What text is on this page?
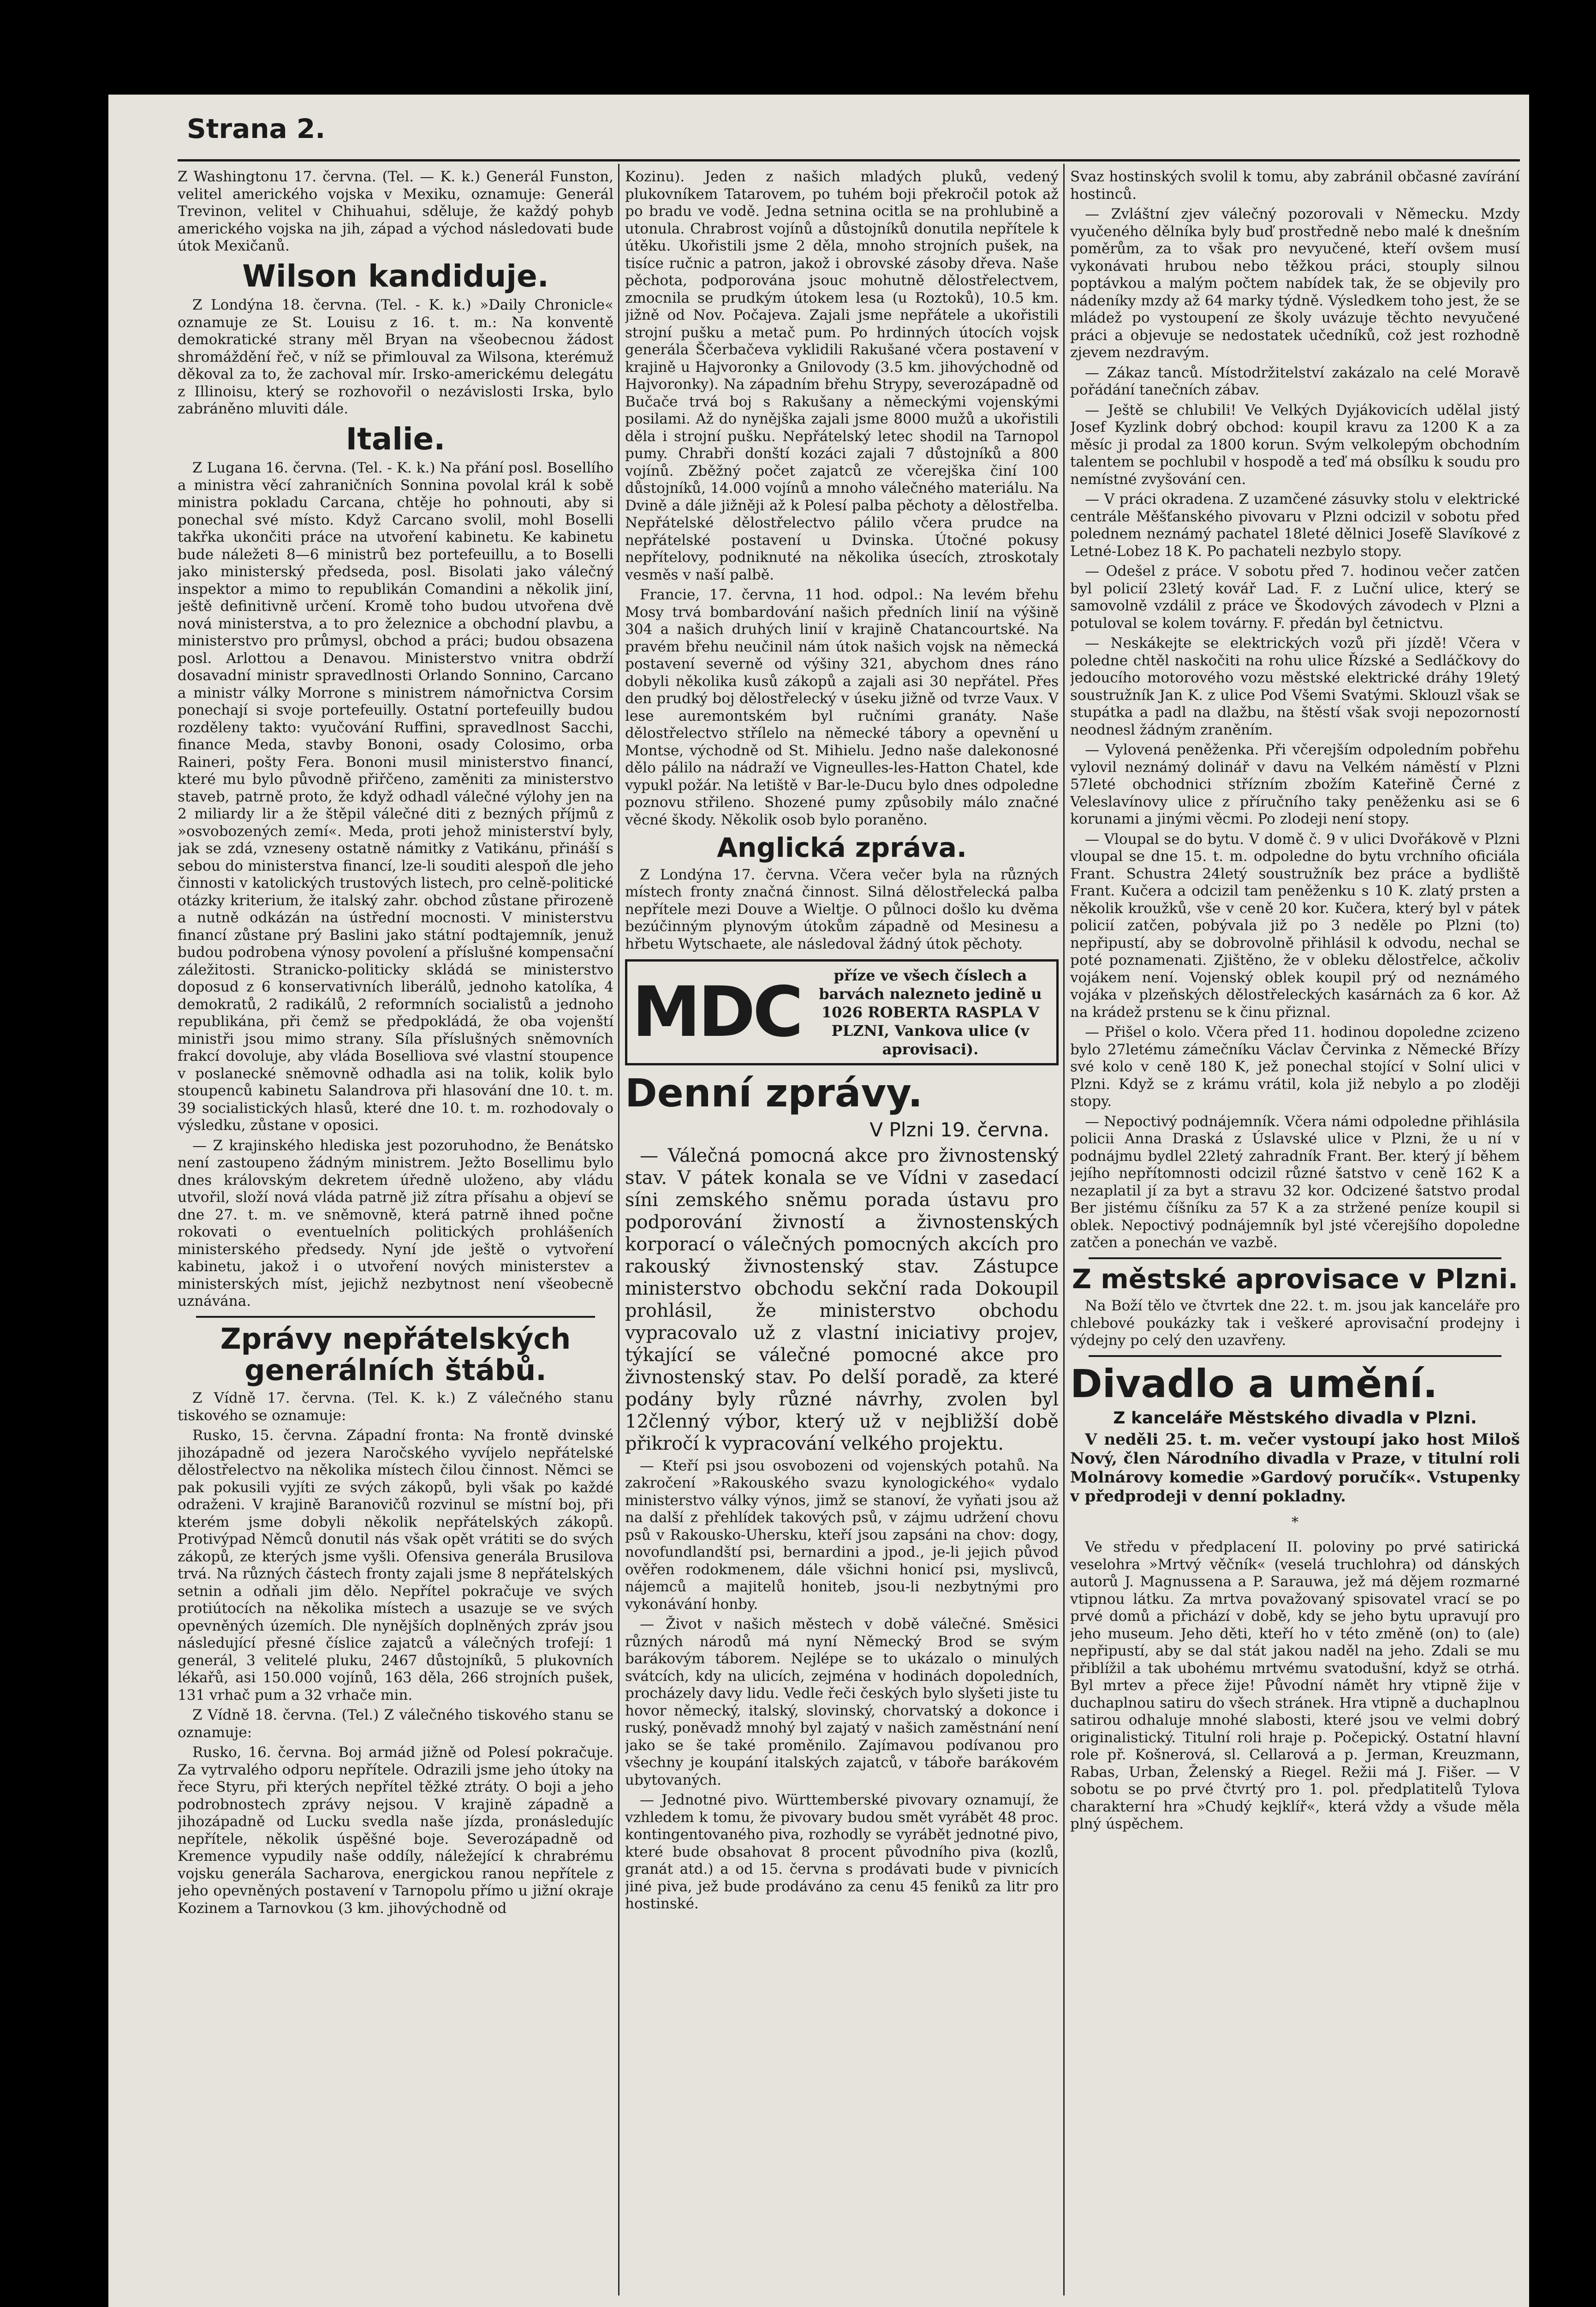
Strana 2.

Z Washingtonu 17. června. (Tel. — K. k.) Generál Funston, velitel amerického vojska v Mexiku, oznamuje: Generál Trevinon, velitel v Chihuahui, sděluje, že každý pohyb amerického vojska na jih, západ a východ následovati bude útok Mexičanů.

Wilson kandiduje.

Z Londýna 18. června. (Tel. - K. k.) »Daily Chronicle« oznamuje ze St. Louisu z 16. t. m.: Na konventě demokratické strany měl Bryan na všeobecnou žádost shromáždění řeč, v níž se přimlouval za Wilsona, kterémuž děkoval za to, že zachoval mír. Irsko-americkému delegátu z Illinoisu, který se rozhovořil o nezávislosti Irska, bylo zabráněno mluviti dále.

Italie.

Z Lugana 16. června. (Tel. - K. k.) Na přání posl. Bosellího a ministra věcí zahraničních Sonnina povolal král k sobě ministra pokladu Carcana, chtěje ho pohnouti, aby si ponechal své místo. Když Carcano svolil, mohl Boselli takřka ukončiti práce na utvoření kabinetu. Ke kabinetu bude náležeti 8—6 ministrů bez portefeuillu, a to Boselli jako ministerský předseda, posl. Bisolati jako válečný inspektor a mimo to republikán Comandini a několik jiní, ještě definitivně určení. Kromě toho budou utvořena dvě nová ministerstva, a to pro železnice a obchodní plavbu, a ministerstvo pro průmysl, obchod a práci; budou obsazena posl. Arlottou a Denavou. Ministerstvo vnitra obdrží dosavadní ministr spravedlnosti Orlando Sonnino, Carcano a ministr války Morrone s ministrem námořnictva Corsim ponechají si svoje portefeuilly. Ostatní portefeuilly budou rozděleny takto: vyučování Ruffini, spravedlnost Sacchi, finance Meda, stavby Bononi, osady Colosimo, orba Raineri, pošty Fera. Bononi musil ministerstvo financí, které mu bylo původně přiřčeno, zaměniti za ministerstvo staveb, patrně proto, že když odhadl válečné výlohy jen na 2 miliardy lir a že štěpil válečné diti z bezných příjmů z »osvobozených zemí«. Meda, proti jehož ministerství byly, jak se zdá, vzneseny ostatně námitky z Vatikánu, přináší s sebou do ministerstva financí, lze-li souditi alespoň dle jeho činnosti v katolických trustových listech, pro celně-politické otázky kriterium, že italský zahr. obchod zůstane přirozeně a nutně odkázán na ústřední mocnosti. V ministerstvu financí zůstane prý Baslini jako státní podtajemník, jenuž budou podrobena výnosy povolení a příslušné kompensační záležitosti. Stranicko-politicky skládá se ministerstvo doposud z 6 konservativních liberálů, jednoho katolíka, 4 demokratů, 2 radikálů, 2 reformních socialistů a jednoho republikána, při čemž se předpokládá, že oba vojenští ministři jsou mimo strany. Síla příslušných sněmovních frakcí dovoluje, aby vláda Boselliova své vlastní stoupence v poslanecké sněmovně odhadla asi na tolik, kolik bylo stoupenců kabinetu Salandrova při hlasování dne 10. t. m. 39 socialistických hlasů, které dne 10. t. m. rozhodovaly o výsledku, zůstane v oposici.

— Z krajinského hlediska jest pozoruhodno, že Benátsko není zastoupeno žádným ministrem. Ježto Bosellimu bylo dnes královským dekretem úředně uloženo, aby vládu utvořil, složí nová vláda patrně již zítra přísahu a objeví se dne 27. t. m. ve sněmovně, která patrně ihned počne rokovati o eventuelních politických prohlášeních ministerského předsedy. Nyní jde ještě o vytvoření kabinetu, jakož i o utvoření nových ministerstev a ministerských míst, jejichž nezbytnost není všeobecně uznávána.

Zprávy nepřátelských generálních štábů.

Z Vídně 17. června. (Tel. K. k.) Z válečného stanu tiskového se oznamuje:

Rusko, 15. června. Západní fronta: Na frontě dvinské jihozápadně od jezera Naročského vyvíjelo nepřátelské dělostřelectvo na několika místech čilou činnost. Němci se pak pokusili vyjíti ze svých zákopů, byli však po každé odraženi. V krajině Baranovičů rozvinul se místní boj, při kterém jsme dobyli několik nepřátelských zákopů. Protivýpad Němců donutil nás však opět vrátiti se do svých zákopů, ze kterých jsme vyšli. Ofensiva generála Brusilova trvá. Na různých částech fronty zajali jsme 8 nepřátelských setnin a odňali jim dělo. Nepřítel pokračuje ve svých protiútocích na několika místech a usazuje se ve svých opevněných územích. Dle nynějších doplněných zpráv jsou následující přesné číslice zajatců a válečných trofejí: 1 generál, 3 velitelé pluku, 2467 důstojníků, 5 plukovních lékařů, asi 150.000 vojínů, 163 děla, 266 strojních pušek, 131 vrhač pum a 32 vrhače min.

Z Vídně 18. června. (Tel.) Z válečného tiskového stanu se oznamuje:

Rusko, 16. června. Boj armád jižně od Polesí pokračuje. Za vytrvalého odporu nepřítele. Odrazili jsme jeho útoky na řece Styru, při kterých nepřítel těžké ztráty. O boji a jeho podrobnostech zprávy nejsou. V krajině západně a jihozápadně od Lucku svedla naše jízda, pronásledujíc nepřítele, několik úspěšné boje. Severozápadně od Kremence vypudily naše oddíly, náležející k chrabrému vojsku generála Sacharova, energickou ranou nepřítele z jeho opevněných postavení v Tarnopolu přímo u jižní okraje Kozinem a Tarnovkou (3 km. jihovýchodně od

Kozinu). Jeden z našich mladých pluků, vedený plukovníkem Tatarovem, po tuhém boji překročil potok až po bradu ve vodě. Jedna setnina ocitla se na prohlubině a utonula. Chrabrost vojínů a důstojníků donutila nepřítele k útěku. Ukořistili jsme 2 děla, mnoho strojních pušek, na tisíce ručnic a patron, jakož i obrovské zásoby dřeva. Naše pěchota, podporována jsouc mohutně dělostřelectvem, zmocnila se prudkým útokem lesa (u Roztoků), 10.5 km. jižně od Nov. Počajeva. Zajali jsme nepřátele a ukořistili strojní pušku a metač pum. Po hrdinných útocích vojsk generála Ščerbačeva vyklidili Rakušané včera postavení v krajině u Hajvoronky a Gnilovody (3.5 km. jihovýchodně od Hajvoronky). Na západním břehu Strypy, severozápadně od Bučače trvá boj s Rakušany a německými vojenskými posilami. Až do nynějška zajali jsme 8000 mužů a ukořistili děla i strojní pušku. Nepřátelský letec shodil na Tarnopol pumy. Chrabři donští kozáci zajali 7 důstojníků a 800 vojínů. Zběžný počet zajatců ze včerejška činí 100 důstojníků, 14.000 vojínů a mnoho válečného materiálu. Na Dvině a dále jižněji až k Polesí palba pěchoty a dělostřelba. Nepřátelské dělostřelectvo pálilo včera prudce na nepřátelské postavení u Dvinska. Útočné pokusy nepřítelovy, podniknuté na několika úsecích, ztroskotaly vesměs v naší palbě.

Francie, 17. června, 11 hod. odpol.: Na levém břehu Mosy trvá bombardování našich předních linií na výšině 304 a našich druhých linií v krajině Chatancourtské. Na pravém břehu neučinil nám útok našich vojsk na německá postavení severně od výšiny 321, abychom dnes ráno dobyli několika kusů zákopů a zajali asi 30 nepřátel. Přes den prudký boj dělostřelecký v úseku jižně od tvrze Vaux. V lese auremontském byl ručními granáty. Naše dělostřelectvo střílelo na německé tábory a opevnění u Montse, východně od St. Mihielu. Jedno naše dalekonosné dělo pálilo na nádraží ve Vigneulles-les-Hatton Chatel, kde vypukl požár. Na letiště v Bar-le-Ducu bylo dnes odpoledne poznovu střileno. Shozené pumy způsobily málo značné věcné škody. Několik osob bylo poraněno.

Anglická zpráva.

Z Londýna 17. června. Včera večer byla na různých místech fronty značná činnost. Silná dělostřelecká palba nepřítele mezi Douve a Wieltje. O půlnoci došlo ku dvěma bezúčinným plynovým útokům západně od Mesinesu a hřbetu Wytschaete, ale následoval žádný útok pěchoty.

MDC	příze ve všech číslech a barvách nalezneto jedině u 1026 ROBERTA RASPLA V PLZNI, Vankova ulice (v aprovisaci).
Denní zprávy.
V Plzni 19. června.

— Válečná pomocná akce pro živnostenský stav. V pátek konala se ve Vídni v zasedací síni zemského sněmu porada ústavu pro podporování živností a živnostenských korporací o válečných pomocných akcích pro rakouský živnostenský stav. Zástupce ministerstvo obchodu sekční rada Dokoupil prohlásil, že ministerstvo obchodu vypracovalo už z vlastní iniciativy projev, týkající se válečné pomocné akce pro živnostenský stav. Po delší poradě, za které podány byly různé návrhy, zvolen byl 12členný výbor, který už v nejbližší době přikročí k vypracování velkého projektu.

— Kteří psi jsou osvobozeni od vojenských potahů. Na zakročení »Rakouského svazu kynologického« vydalo ministerstvo války výnos, jimž se stanoví, že vyňati jsou až na další z přehlídek takových psů, v zájmu udržení chovu psů v Rakousko-Uhersku, kteří jsou zapsáni na chov: dogy, novofundlandští psi, bernardini a jpod., je-li jejich původ ověřen rodokmenem, dále všichni honicí psi, myslivců, nájemců a majitelů honiteb, jsou-li nezbytnými pro vykonávání honby.

— Život v našich městech v době válečné. Směsici různých národů má nyní Německý Brod se svým barákovým táborem. Nejlépe se to ukázalo o minulých svátcích, kdy na ulicích, zejména v hodinách dopoledních, procházely davy lidu. Vedle řeči českých bylo slyšeti jiste tu hovor německý, italský, slovinský, chorvatský a dokonce i ruský, poněvadž mnohý byl zajatý v našich zaměstnání není jako se še také proměnilo. Zajímavou podívanou pro všechny je koupání italských zajatců, v táboře barákovém ubytovaných.

— Jednotné pivo. Württemberské pivovary oznamují, že vzhledem k tomu, že pivovary budou smět vyrábět 48 proc. kontingentovaného piva, rozhodly se vyrábět jednotné pivo, které bude obsahovat 8 procent původního piva (kozlů, granát atd.) a od 15. června s prodávati bude v pivnicích jiné piva, jež bude prodáváno za cenu 45 feniků za litr pro hostinské.

Svaz hostinských svolil k tomu, aby zabránil občasné zavírání hostinců.

— Zvláštní zjev válečný pozorovali v Německu. Mzdy vyučeného dělníka byly buď prostředně nebo malé k dnešním poměrům, za to však pro nevyučené, kteří ovšem musí vykonávati hrubou nebo těžkou práci, stouply silnou poptávkou a malým počtem nabídek tak, že se objevily pro nádeníky mzdy až 64 marky týdně. Výsledkem toho jest, že se mládež po vystoupení ze školy uvázuje těchto nevyučené práci a objevuje se nedostatek učedníků, což jest rozhodně zjevem nezdravým.

— Zákaz tanců. Místodržitelství zakázalo na celé Moravě pořádání tanečních zábav.

— Ještě se chlubili! Ve Velkých Dyjákovicích udělal jistý Josef Kyzlink dobrý obchod: koupil kravu za 1200 K a za měsíc ji prodal za 1800 korun. Svým velkolepým obchodním talentem se pochlubil v hospodě a teď má obsílku k soudu pro nemístné zvyšování cen.

— V práci okradena. Z uzamčené zásuvky stolu v elektrické centrále Měšťanského pivovaru v Plzni odcizil v sobotu před polednem neznámý pachatel 18leté dělnici Josefě Slavíkové z Letné-Lobez 18 K. Po pachateli nezbylo stopy.

— Odešel z práce. V sobotu před 7. hodinou večer zatčen byl policií 23letý kovář Lad. F. z Luční ulice, který se samovolně vzdálil z práce ve Škodových závodech v Plzni a potuloval se kolem továrny. F. předán byl četnictvu.

— Neskákejte se elektrických vozů při jízdě! Včera v poledne chtěl naskočiti na rohu ulice Řízské a Sedláčkovy do jedoucího motorového vozu městské elektrické dráhy 19letý soustružník Jan K. z ulice Pod Všemi Svatými. Sklouzl však se stupátka a padl na dlažbu, na štěstí však svoji nepozorností neodnesl žádným zraněním.

— Vylovená peněženka. Při včerejším odpoledním pobřehu vylovil neznámý dolinář v davu na Velkém náměstí v Plzni 57leté obchodnici střízním zbožím Kateřině Černé z Veleslavínovy ulice z příručního taky peněženku asi se 6 korunami a jinými věcmi. Po zlodeji není stopy.

— Vloupal se do bytu. V domě č. 9 v ulici Dvořákově v Plzni vloupal se dne 15. t. m. odpoledne do bytu vrchního oficiála Frant. Schustra 24letý soustružník bez práce a bydliště Frant. Kučera a odcizil tam peněženku s 10 K. zlatý prsten a několik kroužků, vše v ceně 20 kor. Kučera, který byl v pátek policií zatčen, pobývala již po 3 neděle po Plzni (to) nepřipustí, aby se dobrovolně přihlásil k odvodu, nechal se poté poznamenati. Zjištěno, že v obleku dělostřelce, ačkoliv vojákem není. Vojenský oblek koupil prý od neznámého vojáka v plzeňských dělostřeleckých kasárnách za 6 kor. Až na krádež prstenu se k činu přiznal.

— Přišel o kolo. Včera před 11. hodinou dopoledne zcizeno bylo 27letému zámečníku Václav Červinka z Německé Břízy své kolo v ceně 180 K, jež ponechal stojící v Solní ulici v Plzni. Když se z krámu vrátil, kola již nebylo a po zloději stopy.

— Nepoctivý podnájemník. Včera námi odpoledne přihlásila policii Anna Draská z Úslavské ulice v Plzni, že u ní v podnájmu bydlel 22letý zahradník Frant. Ber. který jí během jejího nepřítomnosti odcizil různé šatstvo v ceně 162 K a nezaplatil jí za byt a stravu 32 kor. Odcizené šatstvo prodal Ber jistému číšníku za 57 K a za stržené peníze koupil si oblek. Nepoctivý podnájemník byl jsté včerejšího dopoledne zatčen a ponechán ve vazbě.

Z městské aprovisace v Plzni.

Na Boží tělo ve čtvrtek dne 22. t. m. jsou jak kanceláře pro chlebové poukázky tak i veškeré aprovisační prodejny i výdejny po celý den uzavřeny.

Divadlo a umění.
Z kanceláře Městského divadla v Plzni.

V neděli 25. t. m. večer vystoupí jako host Miloš Nový, člen Národního divadla v Praze, v titulní roli Molnárovy komedie »Gardový poručík«. Vstupenky v předprodeji v denní pokladny.

*

Ve středu v předplacení II. poloviny po prvé satirická veselohra »Mrtvý věčník« (veselá truchlohra) od dánských autorů J. Magnussena a P. Sarauwa, jež má dějem rozmarné vtipnou látku. Za mrtva považovaný spisovatel vrací se po prvé domů a přichází v době, kdy se jeho bytu upravují pro jeho museum. Jeho děti, kteří ho v této změně (on) to (ale) nepřipustí, aby se dal stát jakou naděl na jeho. Zdali se mu přiblížil a tak ubohému mrtvému svatodušní, když se otrhá. Byl mrtev a přece žije! Původní námět hry vtipně žije v duchaplnou satiru do všech stránek. Hra vtipně a duchaplnou satirou odhaluje mnohé slabosti, které jsou ve velmi dobrý originalistický. Titulní roli hraje p. Počepický. Ostatní hlavní role př. Košnerová, sl. Cellarová a p. Jerman, Kreuzmann, Rabas, Urban, Želenský a Riegel. Režii má J. Fišer. — V sobotu se po prvé čtvrtý pro 1. pol. předplatitelů Tylova charakterní hra »Chudý kejklíř«, která vždy a všude měla plný úspěchem.
